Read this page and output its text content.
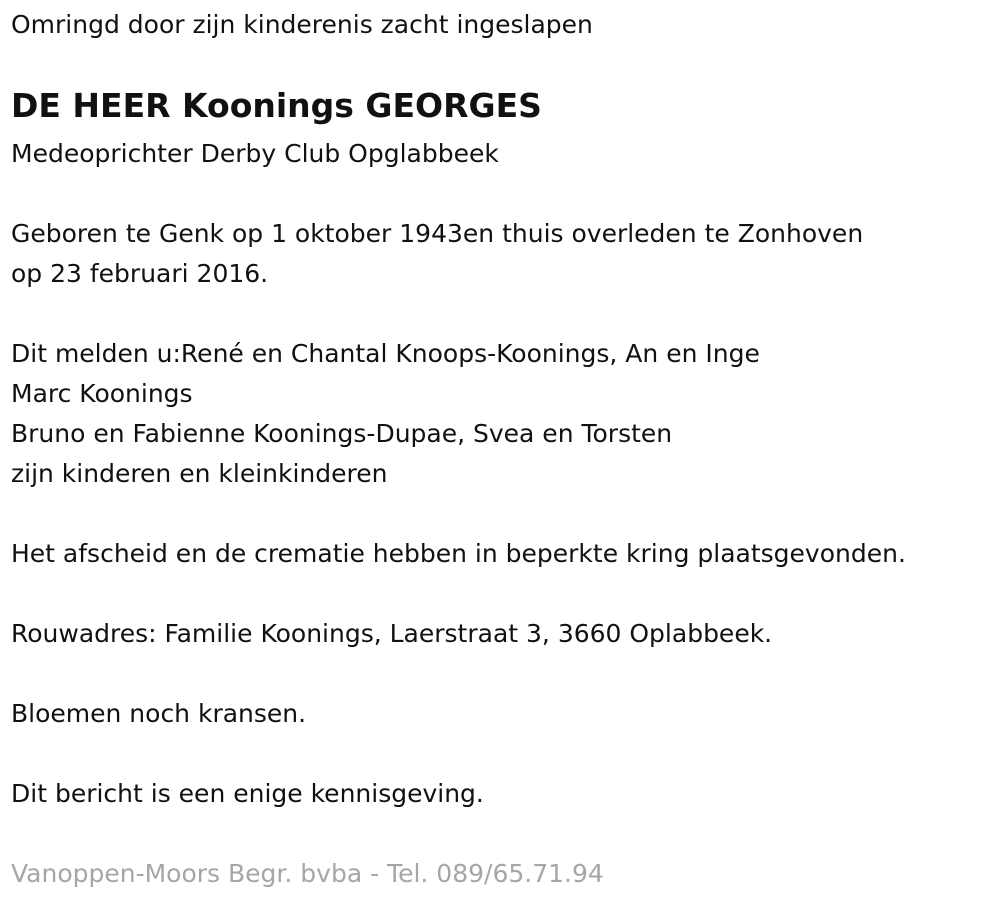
Omringd door zijn kinderenis zacht ingeslapen

DE HEER Koonings GEORGES

Medeoprichter Derby Club Opglabbeek

Geboren te Genk op 1 oktober 1943en thuis overleden te Zonhoven

op 23 februari 2016.

Dit melden u:René en Chantal Knoops-Koonings, An en Inge

Marc Koonings

Bruno en Fabienne Koonings-Dupae, Svea en Torsten

zijn kinderen en kleinkinderen

Het afscheid en de crematie hebben in beperkte kring plaatsgevonden.

Rouwadres: Familie Koonings, Laerstraat 3, 3660 Oplabbeek.

Bloemen noch kransen.

Dit bericht is een enige kennisgeving.

Vanoppen-Moors Begr. bvba - Tel. 089/65.71.94
